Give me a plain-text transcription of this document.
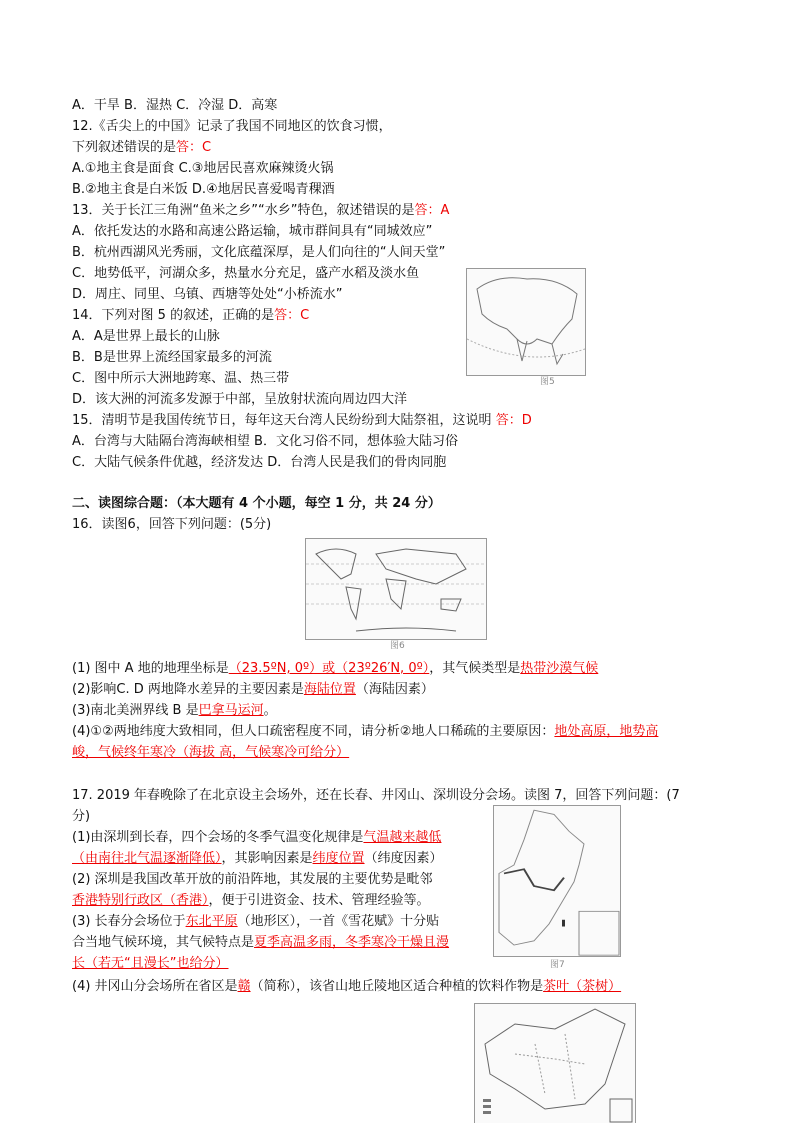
A．干旱 B．湿热 C．冷湿 D．高寒
12.《舌尖上的中国》记录了我国不同地区的饮食习惯，
下列叙述错误的是答：C
A.①地主食是面食 C.③地居民喜欢麻辣烫火锅
B.②地主食是白米饭 D.④地居民喜爱喝青稞酒
13．关于长江三角洲“鱼米之乡”“水乡”特色，叙述错误的是答：A
A．依托发达的水路和高速公路运输，城市群间具有“同城效应”
B．杭州西湖风光秀丽，文化底蕴深厚，是人们向往的“人间天堂”
C．地势低平，河湖众多，热量水分充足，盛产水稻及淡水鱼
D．周庄、同里、乌镇、西塘等处处“小桥流水”
14．下列对图 5 的叙述，正确的是答：C
A．A是世界上最长的山脉
B．B是世界上流经国家最多的河流
C．图中所示大洲地跨寒、温、热三带
D．该大洲的河流多发源于中部，呈放射状流向周边四大洋
15．清明节是我国传统节日，每年这天台湾人民纷纷到大陆祭祖，这说明 答：D
A．台湾与大陆隔台湾海峡相望 B．文化习俗不同，想体验大陆习俗
C．大陆气候条件优越，经济发达 D．台湾人民是我们的骨肉同胞
图5
二、读图综合题：（本大题有 4 个小题，每空 1 分，共 24 分）
16．读图6，回答下列问题：(5分)
图6
(1) 图中 A 地的地理坐标是（23.5ºN, 0º）或（23º26′N, 0º），其气候类型是热带沙漠气候
(2)影响C. D 两地降水差异的主要因素是海陆位置（海陆因素）
(3)南北美洲界线 B 是巴拿马运河。
(4)①②两地纬度大致相同，但人口疏密程度不同，请分析②地人口稀疏的主要原因：地处高原，地势高
峻，气候终年寒冷（海拔 高，气候寒冷可给分）
17. 2019 年春晚除了在北京设主会场外，还在长春、井冈山、深圳设分会场。读图 7，回答下列问题：(7
分)
(1)由深圳到长春，四个会场的冬季气温变化规律是气温越来越低
（由南往北气温逐渐降低），其影响因素是纬度位置（纬度因素）
(2) 深圳是我国改革开放的前沿阵地，其发展的主要优势是毗邻
香港特别行政区（香港），便于引进资金、技术、管理经验等。
(3) 长春分会场位于东北平原（地形区），一首《雪花赋》十分贴
合当地气候环境，其气候特点是夏季高温多雨，冬季寒冷干燥且漫
长（若无“且漫长”也给分）
(4) 井冈山分会场所在省区是赣（简称），该省山地丘陵地区适合种植的饮料作物是茶叶（茶树）
图7
